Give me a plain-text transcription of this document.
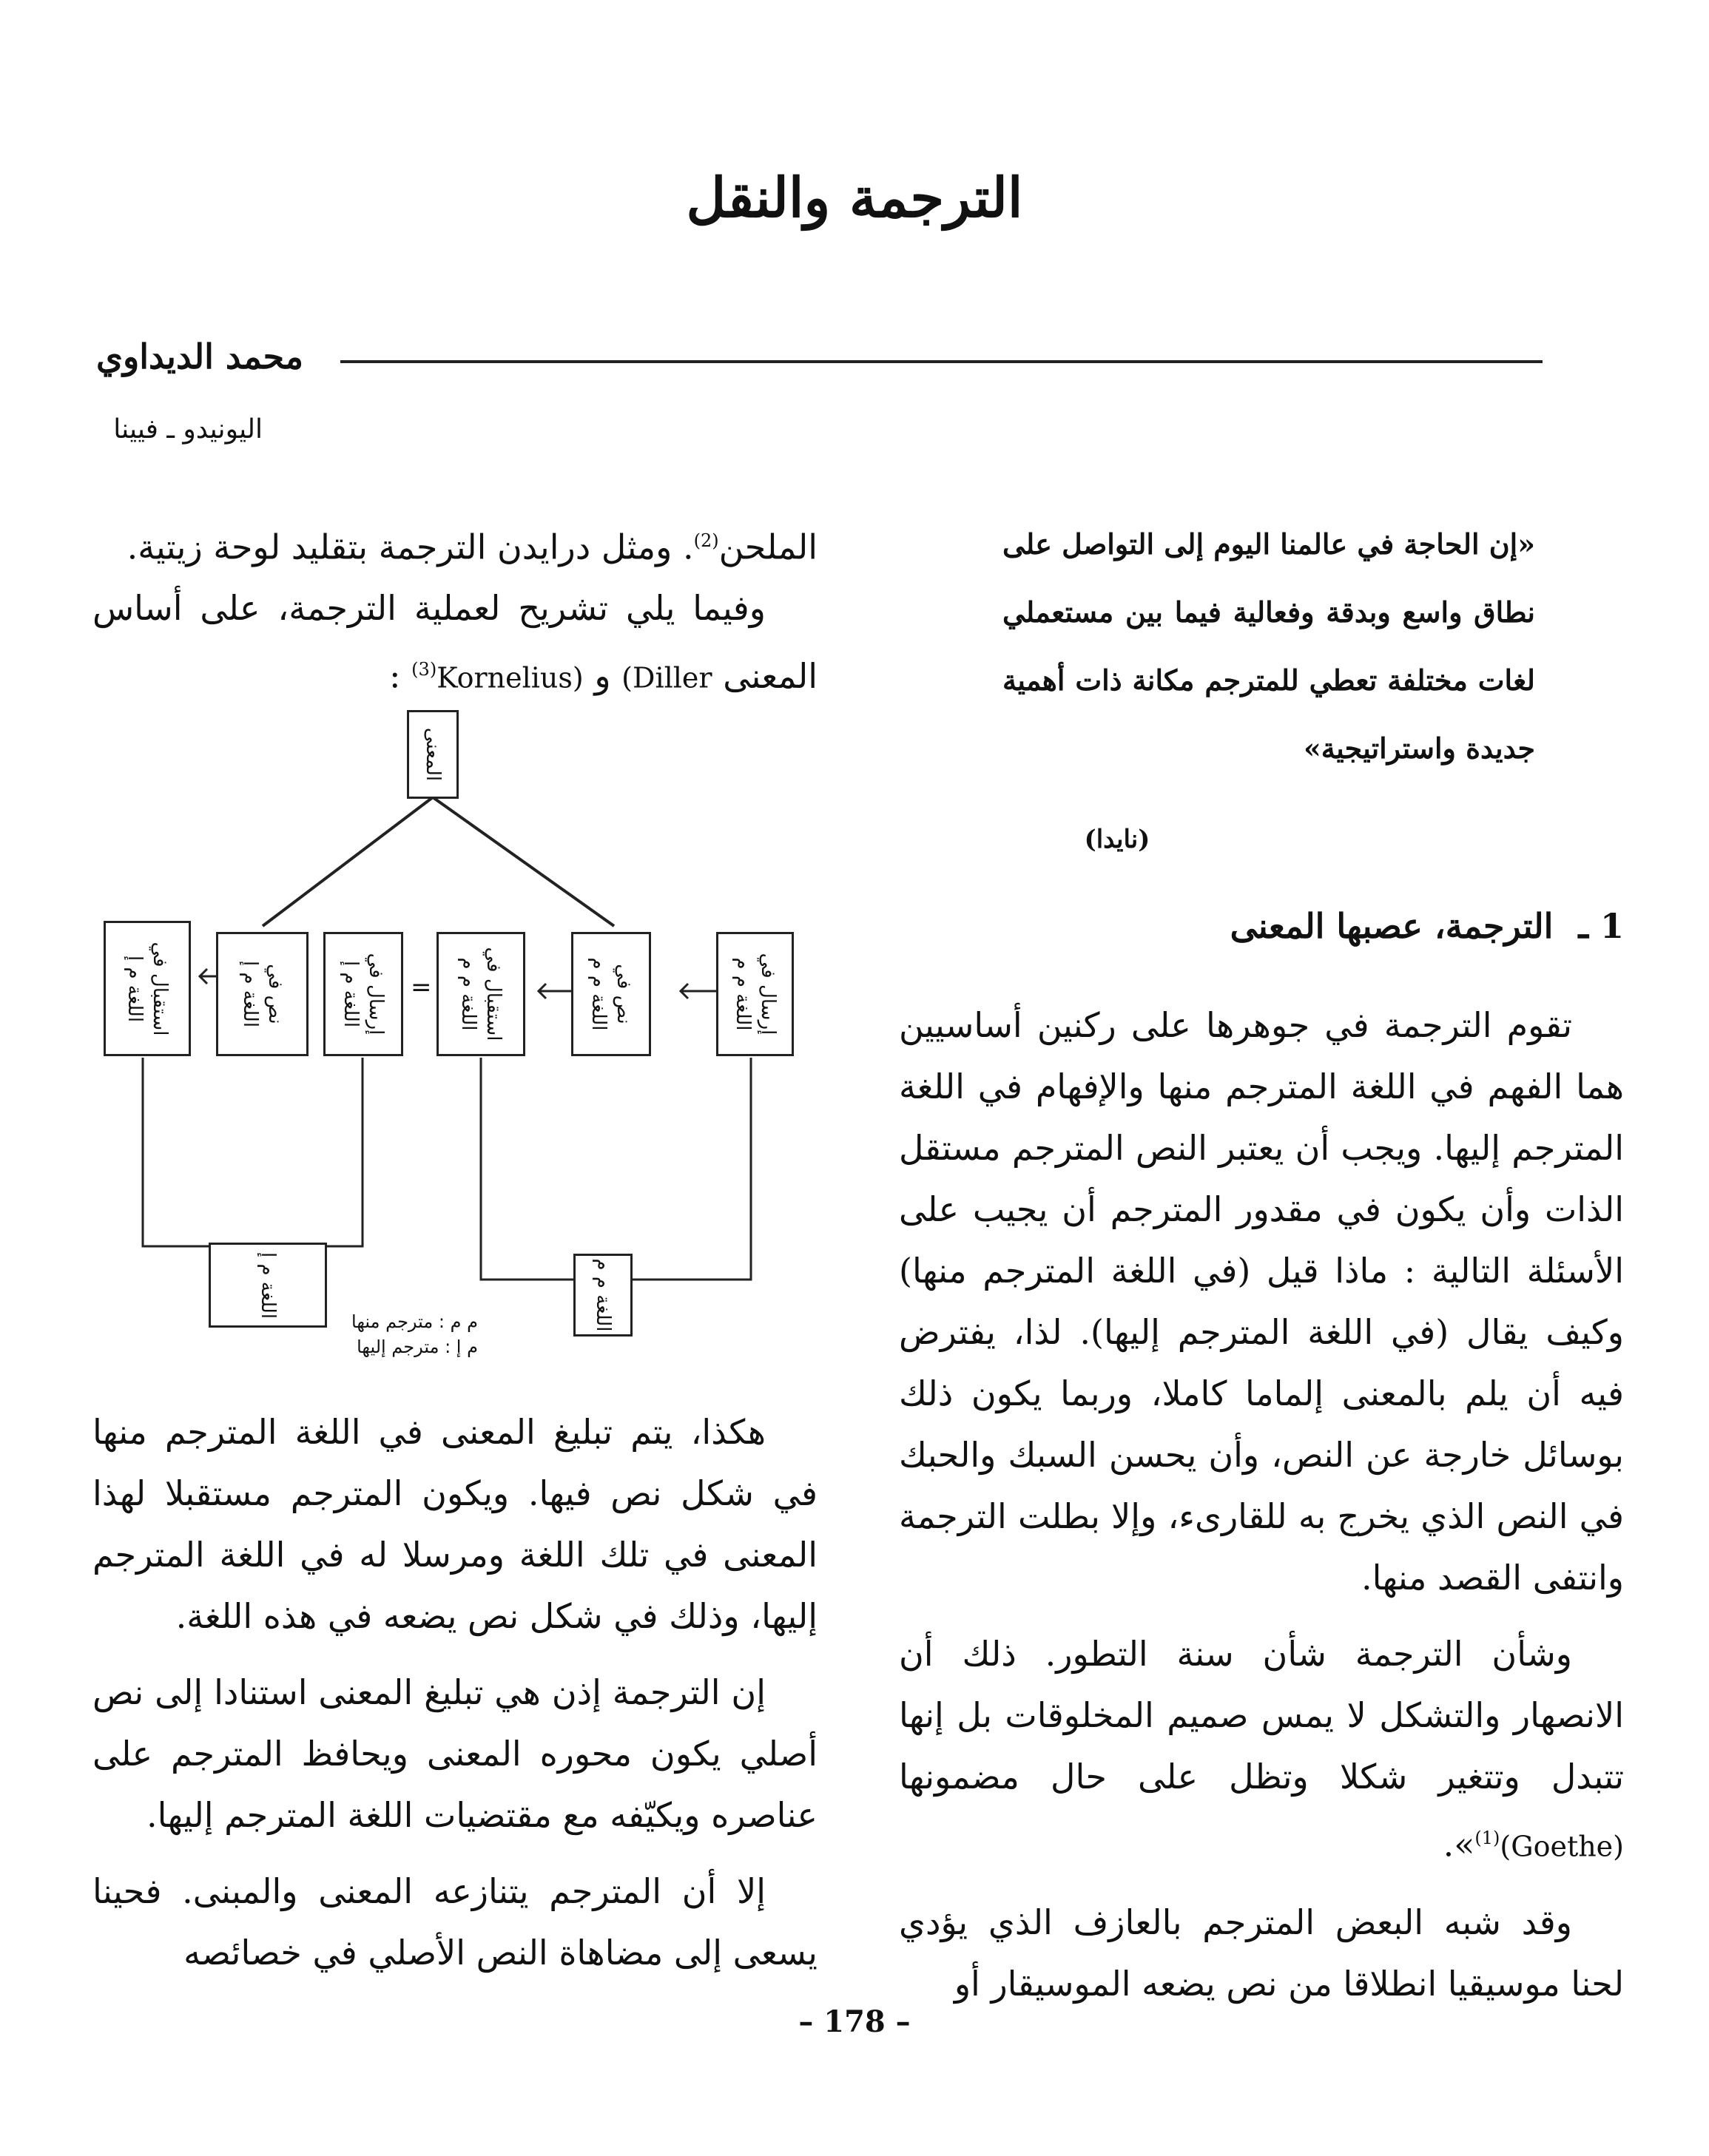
الترجمة والنقل
محمد الديداوي
اليونيدو ـ فيينا
«إن الحاجة في عالمنا اليوم إلى التواصل على نطاق واسع وبدقة وفعالية فيما بين مستعملي لغات مختلفة تعطي للمترجم مكانة ذات أهمية جديدة واستراتيجية»
(نايدا)
1 ـ الترجمة، عصبها المعنى

تقوم الترجمة في جوهرها على ركنين أساسيين هما الفهم في اللغة المترجم منها والإفهام في اللغة المترجم إليها. ويجب أن يعتبر النص المترجم مستقل الذات وأن يكون في مقدور المترجم أن يجيب على الأسئلة التالية : ماذا قيل (في اللغة المترجم منها) وكيف يقال (في اللغة المترجم إليها). لذا، يفترض فيه أن يلم بالمعنى إلماما كاملا، وربما يكون ذلك بوسائل خارجة عن النص، وأن يحسن السبك والحبك في النص الذي يخرج به للقارىء، وإلا بطلت الترجمة وانتفى القصد منها.

وشأن الترجمة شأن سنة التطور. ذلك أن الانصهار والتشكل لا يمس صميم المخلوقات بل إنها تتبدل وتتغير شكلا وتظل على حال مضمونها (Goethe)$^{(1)}$».

وقد شبه البعض المترجم بالعازف الذي يؤدي لحنا موسيقيا انطلاقا من نص يضعه الموسيقار أو

الملحن$^{(2)}$. ومثل درايدن الترجمة بتقليد لوحة زيتية.
وفيما يلي تشريح لعملية الترجمة، على أساس المعنى (Diller و Kornelius)$^{(3)}$ :

المعنى
إرسال في
اللغة م م
نص في
اللغة م م
استقبال في
اللغة م م
=
إرسال في
اللغة م إ
نص في
اللغة م إ
استقبال في
اللغة م إ
اللغة م م
اللغة م إ
م م : مترجم منها
م إ : مترجم إليها

هكذا، يتم تبليغ المعنى في اللغة المترجم منها في شكل نص فيها. ويكون المترجم مستقبلا لهذا المعنى في تلك اللغة ومرسلا له في اللغة المترجم إليها، وذلك في شكل نص يضعه في هذه اللغة.

إن الترجمة إذن هي تبليغ المعنى استنادا إلى نص أصلي يكون محوره المعنى ويحافظ المترجم على عناصره ويكيّفه مع مقتضيات اللغة المترجم إليها.

إلا أن المترجم يتنازعه المعنى والمبنى. فحينا يسعى إلى مضاهاة النص الأصلي في خصائصه

– 178 –
